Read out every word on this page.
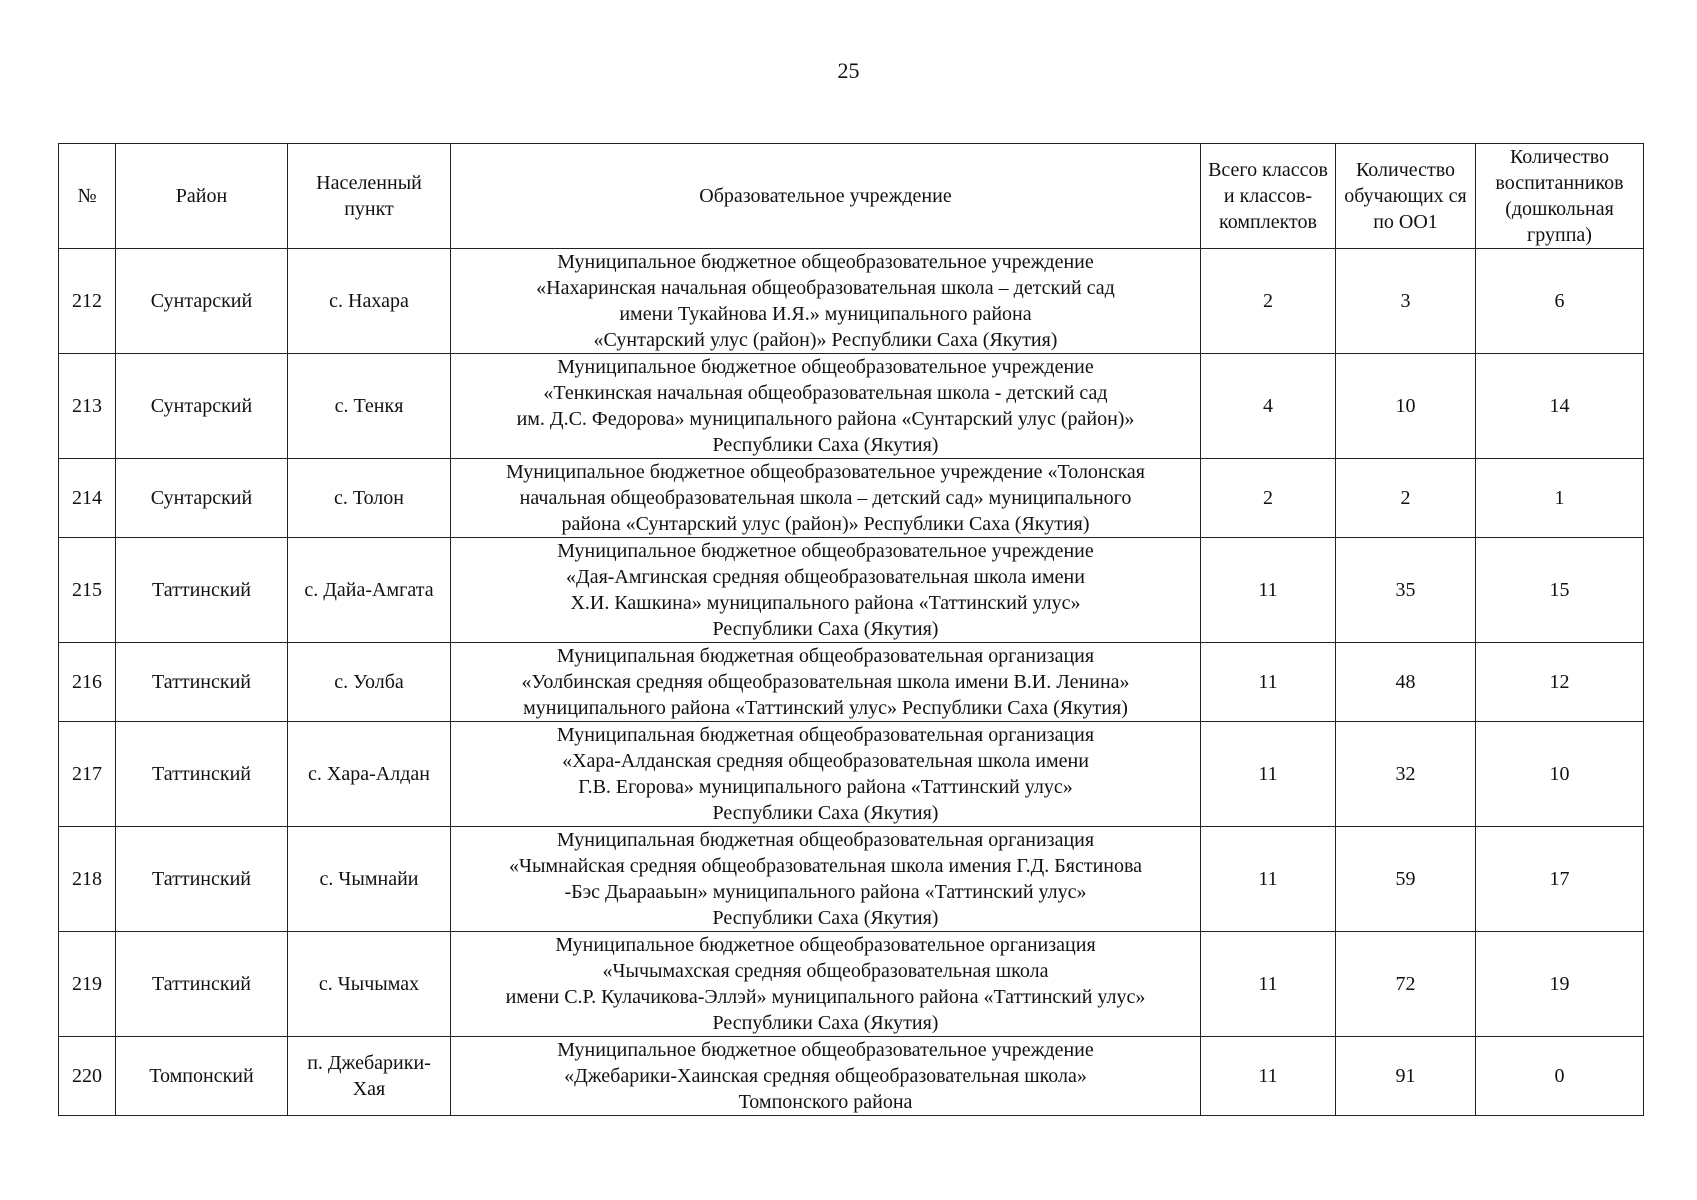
25
№	Район	Населенный пункт	Образовательное учреждение	Всего классов и классов-комплектов	Количество обучающих ся по ОО1	Количество воспитанников (дошкольная группа)
212	Сунтарский	с. Нахара	Муниципальное бюджетное общеобразовательное учреждение
«Нахаринская начальная общеобразовательная школа – детский сад
имени Тукайнова И.Я.» муниципального района
«Сунтарский улус (район)» Республики Саха (Якутия)	2	3	6
213	Сунтарский	с. Тенкя	Муниципальное бюджетное общеобразовательное учреждение
«Тенкинская начальная общеобразовательная школа - детский сад
им. Д.С. Федорова» муниципального района «Сунтарский улус (район)»
Республики Саха (Якутия)	4	10	14
214	Сунтарский	с. Толон	Муниципальное бюджетное общеобразовательное учреждение «Толонская
начальная общеобразовательная школа – детский сад» муниципального
района «Сунтарский улус (район)» Республики Саха (Якутия)	2	2	1
215	Таттинский	с. Дайа-Амгата	Муниципальное бюджетное общеобразовательное учреждение
«Дая-Амгинская средняя общеобразовательная школа имени
Х.И. Кашкина» муниципального района «Таттинский улус»
Республики Саха (Якутия)	11	35	15
216	Таттинский	с. Уолба	Муниципальная бюджетная общеобразовательная организация
«Уолбинская средняя общеобразовательная школа имени В.И. Ленина»
муниципального района «Таттинский улус» Республики Саха (Якутия)	11	48	12
217	Таттинский	с. Хара-Алдан	Муниципальная бюджетная общеобразовательная организация
«Хара-Алданская средняя общеобразовательная школа имени
Г.В. Егорова» муниципального района «Таттинский улус»
Республики Саха (Якутия)	11	32	10
218	Таттинский	с. Чымнайи	Муниципальная бюджетная общеобразовательная организация
«Чымнайская средняя общеобразовательная школа имения Г.Д. Бястинова
-Бэс Дьарааьын» муниципального района «Таттинский улус»
Республики Саха (Якутия)	11	59	17
219	Таттинский	с. Чычымах	Муниципальное бюджетное общеобразовательное организация
«Чычымахская средняя общеобразовательная школа
имени С.Р. Кулачикова-Эллэй» муниципального района «Таттинский улус»
Республики Саха (Якутия)	11	72	19
220	Томпонский	п. Джебарики-Хая	Муниципальное бюджетное общеобразовательное учреждение
«Джебарики-Хаинская средняя общеобразовательная школа»
Томпонского района	11	91	0
